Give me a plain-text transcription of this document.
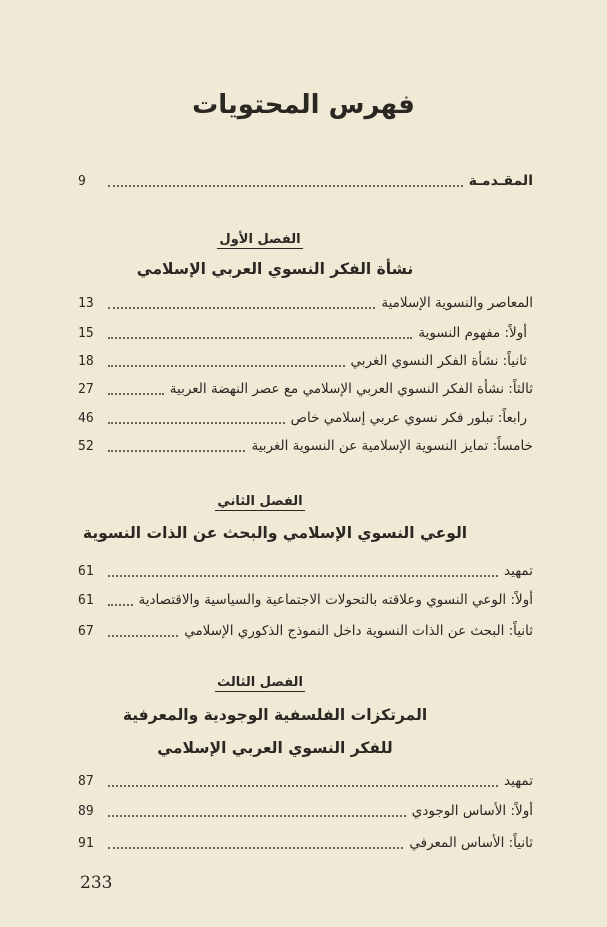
فهرس المحتويات
المقـدمـة
9
الفصل الأول
نشأة الفكر النسوي العربي الإسلامي
المعاصر والنسوية الإسلامية
13
أولاً: مفهوم النسوية
15
ثانياً: نشأة الفكر النسوي الغربي
18
ثالثاً: نشأة الفكر النسوي العربي الإسلامي مع عصر النهضة العربية
27
رابعاً: تبلور فكر نسوي عربي إسلامي خاص
46
خامساً: تمايز النسوية الإسلامية عن النسوية الغربية
52
الفصل الثاني
الوعي النسوي الإسلامي والبحث عن الذات النسوية
تمهيد
61
أولاً: الوعي النسوي وعلاقته بالتحولات الاجتماعية والسياسية والاقتصادية
61
ثانياً: البحث عن الذات النسوية داخل النموذج الذكوري الإسلامي
67
الفصل الثالث
المرتكزات الفلسفية الوجودية والمعرفية
للفكر النسوي العربي الإسلامي
تمهيد
87
أولاً: الأساس الوجودي
89
ثانياً: الأساس المعرفي
91
233
